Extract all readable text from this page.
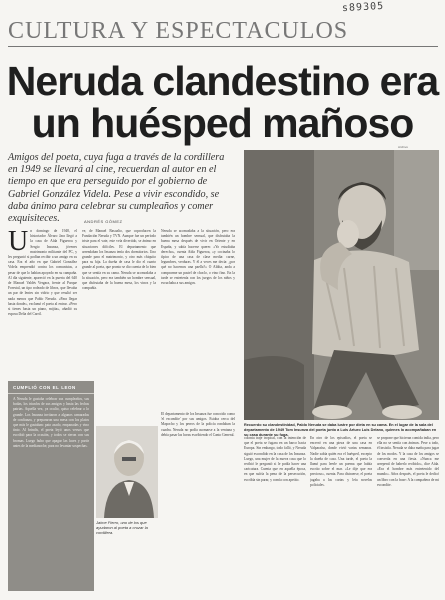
s89305
CULTURA Y ESPECTACULOS
Neruda clandestino era
un huésped mañoso
Archivo
Amigos del poeta, cuya fuga a través de la cordillera en 1949 se llevará al cine, recuerdan al autor en el tiempo en que era perseguido por el gobierno de Gabriel González Videla. Pese a vivir escondido, se daba ánimo para celebrar su cumpleaños y comer exquisiteces.	ANDRÉS GÓMEZ
U n domingo de 1948, el historiador Álvaro Jara llegó a la casa de Aída Figueroa y Sergio Insunza, jóvenes matrimonio militante del PC, y les preguntó si podían recibir a un amigo en su casa. Era el año en que Gabriel González Videla emprendió contra los comunistas, a pesar de que lo habían apoyado en su campaña. Al día siguiente, apareció en la puerta del 640 de Manuel Valdés Vergara, frente al Parque Forestal, un tipo rodeado de libros, que llevaba un par de lentes sin vidrio y que resultó ser nada menos que Pablo Neruda. «Para llegar hasta donde», exclamó el poeta al entrar. «Pero si tienes hasta un piano, mijita», añadió su esposa Delia del Carril.
ve, de Manuel Basoalto, que coproducen la Fundación Neruda y TVN. Aunque fue un período triste para el vate, este veía divertido, se ánimo en situaciones difíciles. El departamento que arrendaban los Insunza tenía dos dormitorios. Uno grande para el matrimonio, y otro más chiquito para su hija. La dueña de casa le dio el cuarto grande al poeta, que pronto se dio cuenta de lo bien que se sentía en su cama. Neruda se acomodaba a la situación, pero era también un hombre sensual, que disfrutaba de la buena mesa, los vinos y la compañía.
Neruda se acomodaba a la situación, pero era también un hombre sensual, que disfrutaba la buena mesa después de vivir en Oriente y en España, y sabía hacerse querer. «Yo estudiaba derecho», cuenta Aída Figueroa, «y cocinaba lo típico de una casa de clase media: carne, legumbres, verduras. Y él a veces me decía: ¿por qué no hacemos una paella?» O Aldita, anda a comprarme un pastel de choclo, o vino fino. En la tarde se entretenía con los juegos de los niños y escuchaba a sus amigos.
Jaime Fierro, uno de los que ayudaron al poeta a cruzar la cordillera.
El departamento de los Insunza fue conocido como 'el escondite' por sus amigos. Estaba cerca del Mapocho y los perros de la policía rondaban la cuadra. Neruda no podía asomarse a la ventana y debía pasar las horas escribiendo el Canto General.
CUMPLIÓ CON EL LEON
A Neruda le gustaba celebrar sus cumpleaños, sus bodas, los triunfos de sus amigos y hasta las fechas patrias. Aquella vez, ya oculto, quiso celebrar a lo grande. Los Insunza invitaron a algunos camaradas de confianza, y prepararon una mesa con los platos que más le gustaban: pato asado, empanadas y vino tinto. Al brindis, el poeta leyó unos versos que escribió para la ocasión, y todos se rieron con sus bromas. Luego hubo que apagar las luces y partir antes de la medianoche, para no levantar sospechas.
Recuerdo su clandestinidad, Pablo Neruda se daba lustre por dieta en su cama. En el lugar de la sala del departamento de 1949 Tom Insunza del poeta junto a Luis Arturo Luis Delano, quienes lo acompañaban en su casa durante su fuga.
colonia traje tropical, con la intención de que el poeta se fugara en un barco hacia Europa. Sin embargo, todo falló, y Neruda siguió escondido en la casa de los Insunza. Luego, una mujer de la nueva casa que lo recibió le preguntó si le podía hacer una caricatura. Cuenta que en aquella época, en que sufría la pena de la persecución, escribía sin parar, y comía con apetito.
En otro de los episodios, el poeta se encerró en una pieza de una casa en Valparaíso, donde vivió varias semanas. Nadie sabía quién era el huésped, excepto la dueña de casa. Una tarde, el poeta la llamó para leerle un poema que había escrito sobre el mar. «Le dije que era precioso», cuenta. Para distraerse, el poeta jugaba a las cartas y leía novelas policiales.
se propone que hicieran comida india, pero ella no se sentía con ánimos. Pese a todo, él insistía. Neruda se daba maña para jugar de los modos. Y la casa de los amigos se convertía en una fiesta. «Nunca me arrepentí de haberlo recibido», dice Aída. «Era el hombre más entretenido del mundo». Años después, el poeta le dedicó un libro con la frase: A la compañera de mi escondite.
